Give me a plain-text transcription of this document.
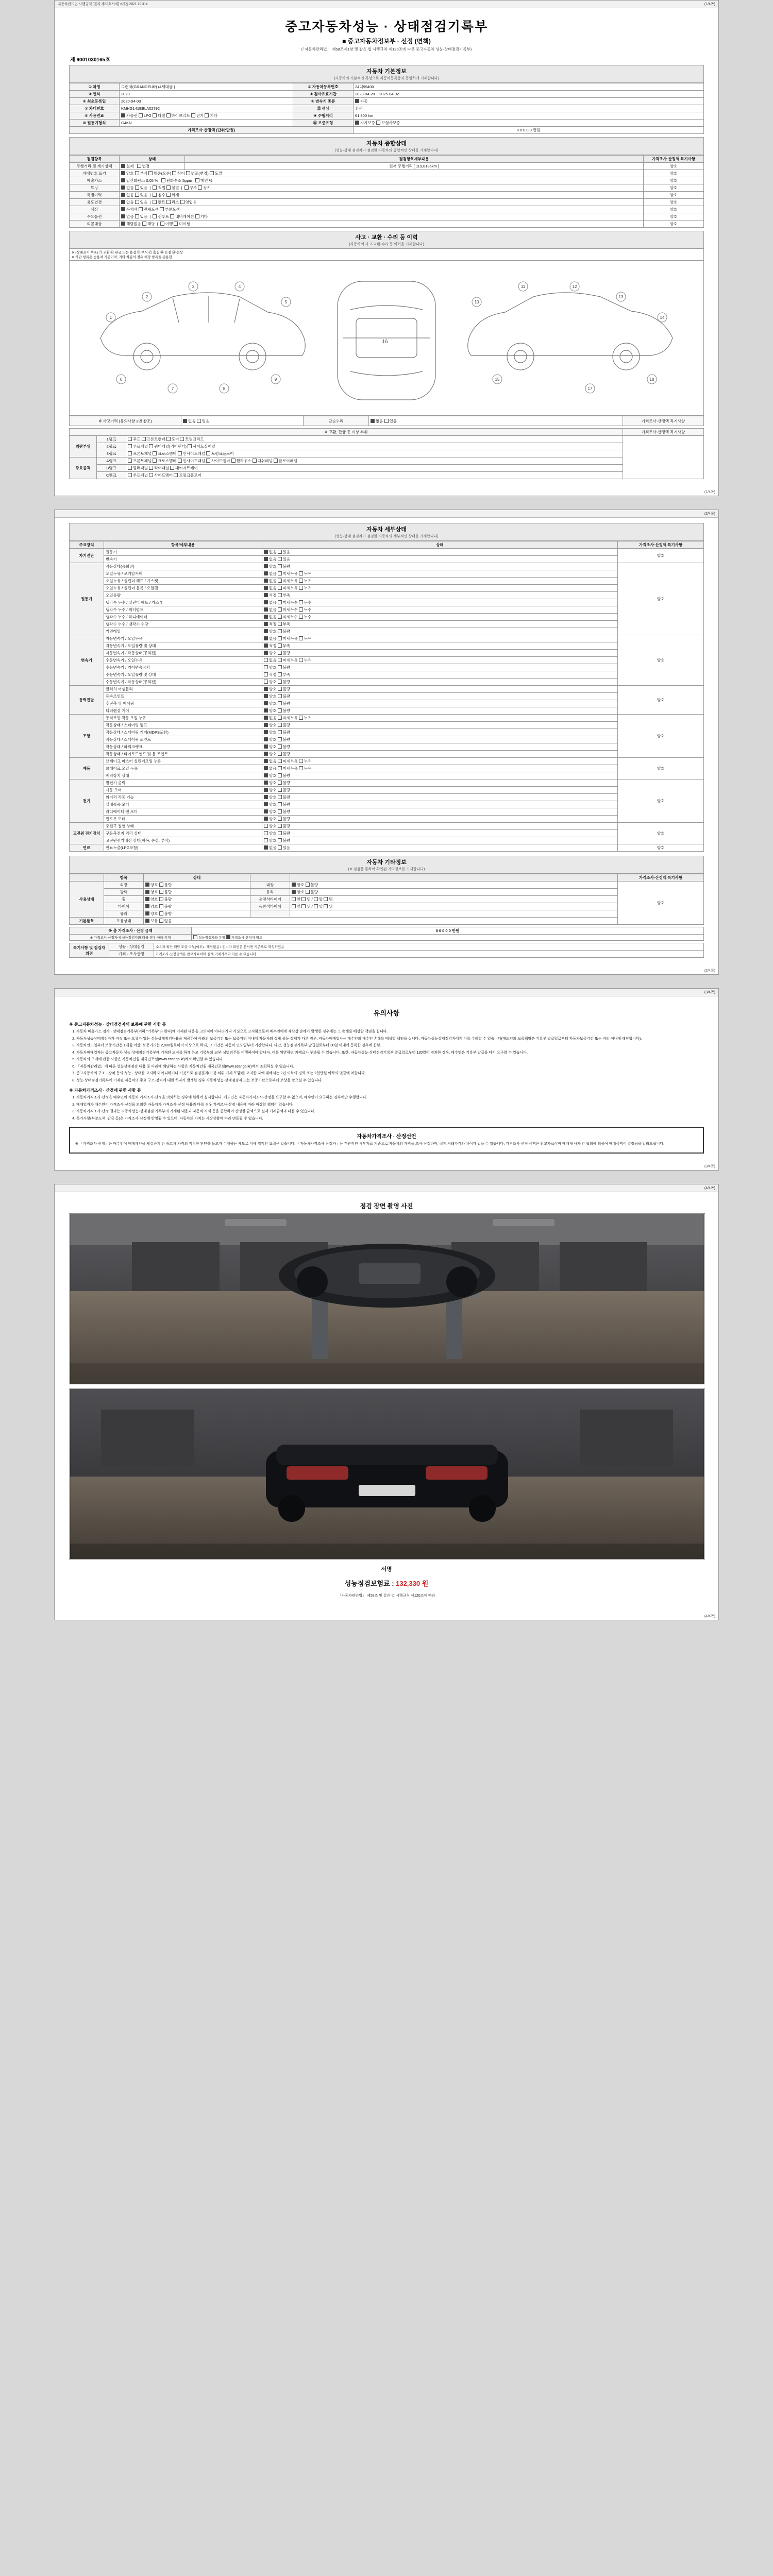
자동차관리법 시행규칙 [별지 제82호서식] <개정 2021.12.31>	(1/4쪽)
중고자동차성능 · 상태점검기록부
■ 중고자동차정보부 · 선정 (면책)
(「자동차관리법」 제58조제1항 및 같은 법 시행규칙 제120조에 따른 중고자동차 성능·상태점검기록부)
제 9001030165호
자동차 기본정보
(자동차의 기본적인 특성으로 자동차등록증과 동일하게 기재합니다)
① 차명	그랜저(GRANDEUR) (4세대급 )	② 자동차등록번호	24디99400
③ 연식	2020	④ 검사유효기간	2023-04-20 ~ 2025-04-02
⑤ 최초등록일	2020-04-03	⑥ 변속기 종류	자동
⑦ 차대번호	KMHG141EBLA02792	⑫ 색상	흰색
⑧ 사용연료	가솔린 LPG 디젤 하이브리드 전기 기타	⑨ 주행거리	61,300 km
⑩ 원동기형식	G4KN	⑪ 보증유형	자가보증 보험사보증
가격조사·산정액 (단위:만원)			0 0 0 0 0 만원
자동차 종합상태
(성능·상태 점검자가 점검한 자동차의 종합적인 상태를 기재합니다)
점검항목	상태	점검항목세부내용	가격조사·산정액 특기사항
주행거리 및 계기상태	실제   변경	현재 주행거리 [ 119,8136km ]	양호
차대번호 표기	양호 부식 훼손(오손) 상이 변조(변경) 도말		양호
배출가스	일산화탄소 0.05 % 탄화수소 5ppm 매연 %		양호
튜닝	없음 있음  |  적법 불법  |  구조 장치		양호
특별이력	없음 있음  |  침수 화재		양호
용도변경	없음 있음  |  렌트 리스 영업용		양호
색상	무채색 전체도색 부분도색		양호
주요옵션	없음 있음  |  선루프 내비게이션 기타		양호
리콜대상	해당없음 해당  |  이행 미이행		양호
사고 · 교환 · 수리 등 이력
(자동차의 사고·교환·수리 등 이력을 기재합니다)
※ (상태표시 부호) ㉠ 교환 ㉡ 판금 또는 용접 ㉢ 부식 ㉣ 흠집 ㉤ 요철 ㉥ 손상
※ 하단 항목은 승용차 기준이며, 기타 차종의 경우 해당 항목을 준용함
16
1
2
3	4
5
6
7	8
9
10
11	12
13
14
15
17
18
※ 사고이력 (유의사항 3번 참조)	없음 있음	단순수리	없음 있음	가격조사·산정액 특기사항
※ 교환, 판금 등 이상 부위			가격조사·산정액 특기사항
외판부위	1랭크	후드 프론트팬더 도어 트렁크리드	
	2랭크	루프패널 쿼터패널(리어팬더) 사이드실패널	
	3랭크	프론트패널 크로스멤버 인사이드패널 트렁크플로어	
주요골격	A랭크	프론트패널 크로스멤버 인사이드패널 사이드멤버 휠하우스 대쉬패널 플로어패널	
	B랭크	필러패널 리어패널 패키지트레이	
	C랭크	루프패널 사이드멤버 트렁크플로어	
(1/4쪽)

(2/4쪽)
자동차 세부상태
(성능·상태 점검자가 점검한 자동차의 세부적인 상태를 기재합니다)
주요장치	항목/세부내용	상태	가격조사·산정액 특기사항
자기진단	원동기	없음 있음	양호
	변속기	없음 있음	
원동기	작동상태(공회전)	양호 불량	양호
	오일누유 / 로커암커버	없음 미세누유 누유	
	오일누유 / 실린더 헤드 / 가스켓	없음 미세누유 누유	
	오일누유 / 실린더 블록 / 오일팬	없음 미세누유 누유	
	오일유량	적정 부족	
	냉각수 누수 / 실린더 헤드 / 가스켓	없음 미세누수 누수	
	냉각수 누수 / 워터펌프	없음 미세누수 누수	
	냉각수 누수 / 라디에이터	없음 미세누수 누수	
	냉각수 누수 / 냉각수 수량	적정 부족	
	커먼레일	양호 불량	
변속기	자동변속기 / 오일누유	없음 미세누유 누유	양호
	자동변속기 / 오일유량 및 상태	적정 부족	
	자동변속기 / 작동상태(공회전)	양호 불량	
	수동변속기 / 오일누유	없음 미세누유 누유	
	수동변속기 / 기어변속장치	양호 불량	
	수동변속기 / 오일유량 및 상태	적정 부족	
	수동변속기 / 작동상태(공회전)	양호 불량	
동력전달	클러치 어셈블리	양호 불량	양호
	등속조인트	양호 불량	
	추진축 및 베어링	양호 불량	
	디퍼렌셜 기어	양호 불량	
조향	동력조향 작동 오일 누유	없음 미세누유 누유	양호
	작동상태 / 스티어링 펌프	양호 불량	
	작동상태 / 스티어링 기어(MDPS포함)	양호 불량	
	작동상태 / 스티어링 조인트	양호 불량	
	작동상태 / 파워크랭크	양호 불량	
	작동상태 / 타이로드엔드 및 볼 조인트	양호 불량	
제동	브레이크 마스터 실린더오일 누유	없음 미세누유 누유	양호
	브레이크 오일 누유	없음 미세누유 누유	
	배력장치 상태	양호 불량	
전기	발전기 출력	양호 불량	양호
	시동 모터	양호 불량	
	와이퍼 작동 기능	양호 불량	
	실내송풍 모터	양호 불량	
	라디에이터 팬 모터	양호 불량	
	윈도우 모터	양호 불량	
고전원 전기장치	충전구 절연 상태	양호 불량	양호
	구동축전지 격리 상태	양호 불량	
	고전원전기배선 상태(피복, 손상, 부식)	양호 불량	
연료	연료누출(LPG포함)	없음 있음	양호
자동차 기타정보
(※ 점검을 통하여 확인된 기타정보를 기재합니다)
	항목	상태			가격조사·산정액 특기사항
사용상태	외장	양호 불량	내장	양호 불량	양호
	광택	양호 불량	유리	양호 불량	
	휠	양호 불량	운전석타이어	앞 뒤 / 앞 뒤	
	타이어	양호 불량	동반석타이어	앞 뒤 / 앞 뒤	
	유리	양호 불량			
기본품목	보유상태	보유 없음			
※ 총 가격조사 · 산정 금액	0 0 0 0 0 만원
※ 가격조사·산정자에 성능점검자와 다를 경우 아래 기재	성능점검자와 동일 가격조사·산정자 별도
특기사항 및 점검자 의견	성능 · 상태점검	소유자 확인 해당 도급 여부(여부) : 해당없음 / 인수자 확인은 본서면 기준으로 작성하였음
	가격 · 조사산정	가격조사·산정금액은 참고자료이며 실제 거래가격과 다를 수 있습니다
(2/4쪽)

(3/4쪽)
유의사항
※ 중고자동차성능 · 상태점검자의 보증에 관한 사항 등
1. 자동차 배출가스 검사 · 상태점검기록부(이하 "기록부"라 한다)에 기재된 내용을 고의적이 아니라거나 거짓으로 고지함으로써 매수인에게 재산상 손해가 발생한 경우에는 그 손해를 배상할 책임을 집니다.
2. 자동차성능상태점검자가 거짓 또는 오류가 있는 성능상태점검내용을 제공하여 아래의 보증기간 또는 보증거리 이내에 자동차의 실제 성능·상태가 다른 경우, 자동차매매업자는 매수인의 매수인 손해를 배상할 책임을 집니다. 자동차성능상태점검자에게 이를 수리할 수 있습니다(매도인의 보증책임은 기록부 발급일로부터 자동차보증기간 또는 거리 이내에 해당합니다).
3. 자동차인도일부터 보증기간은 1개월 이상, 보증거리는 2,000킬로미터 이상으로 하되, 그 기간은 자동차 인도일부터 기산합니다. 다만, 성능점검기록부 발급일로부터 30일 이내에 등록한 경우에 한함.
4. 자동차매매업자는 중고자동차 성능·상태점검기록부에 기재된 고지를 하게 하고 기록부의 교부·설명의무를 이행하여야 합니다. 이를 위반하면 과태료가 부과될 수 있습니다. 또한, 자동차성능·상태점검기록부 발급일로부터 120일이 경과한 경우, 매수인은 기록부 발급을 다시 요구할 수 있습니다.
5. 자동차의 구매에 관한 사항은 자동차민원 대국민포털(www.ecar.go.kr)에서 확인할 수 있습니다.
6. 「자동차관리법」에 따른 성능상태점검 내용 중 아래에 해당하는 사항은 자동차민원 대국민포털(www.ecar.go.kr)에서 조회하실 수 있습니다.
7. 중고자동차의 구조 · 장치 등의 성능 · 상태를 고지하지 아니하거나 거짓으로 점검결과(거짓·허위 기재 포함)를 고지한 자에 대해서는 2년 이하의 징역 또는 2천만원 이하의 벌금에 처합니다.
8. 성능·상태점검기록부에 기재된 자동차의 주요 구조·장치에 대한 하자가 발생한 경우 자동차성능·상태점검자 또는 보증기관으로부터 보상을 받으실 수 있습니다.
※ 자동차가격조사 · 산정에 관한 사항 등
1. 자동차가격조사·산정은 매수인이 자동차 가격조사·산정을 의뢰하는 경우에 한하여 실시합니다. 매도인은 자동차가격조사·산정을 요구할 수 없으며, 매수인이 요구하는 경우에만 수행합니다.
2. 매매업자가 매수인이 가격조사·산정을 의뢰한 자동차가 가격조사·산정 내용과 다를 경우 가격조사·산정 내용에 따라 배상할 책임이 있습니다.
3. 자동차가격조사·산정 결과는 자동차성능·상태점검 기록부의 기재된 내용과 자동차 시세 등을 종합하여 산정한 금액으로 실제 거래금액과 다를 수 있습니다.
4. 특기사항(부분도색, 판금 등)은 가격조사·산정에 반영될 수 있으며, 자동차의 가치는 시장상황에 따라 변동될 수 있습니다.
자동차가격조사 · 산정선언

※ 「가격조사·산정」은 매수인이 매매계약을 체결하기 전 중고차 가격의 적정한 판단을 돕고자 수행하는 제도로 이에 법적인 효력은 없습니다. 「자동차가격조사·산정자」는 객관적인 세부자료 기준으로 자동차의 가격을 조사·산정하며, 실제 거래가격과 차이가 있을 수 있습니다. 가격조사·산정 금액은 참고자료이며 매매 당사자 간 협의에 의하여 매매금액이 결정됨을 알려드립니다.

(3/4쪽)

(4/4쪽)
점검 장면 촬영 사진
서명
성능점검보험료 : 132,330 원
「자동차관리법」 제58조 및 같은 법 시행규칙 제120조에 따라
(4/4쪽)
